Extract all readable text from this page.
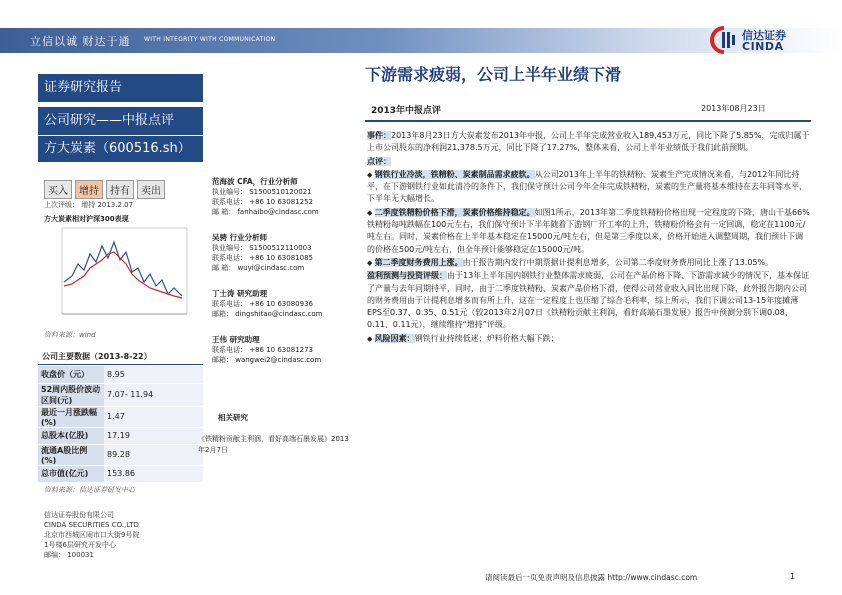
立信以诚 财达于通 WITH INTEGRITY WITH COMMUNICATION	信达证券
CINDA
证券研究报告
公司研究——中报点评
方大炭素（600516.sh）
买入	增持	持有	卖出
上次评级： 增持 2013.2.07
方大炭素相对沪深300表现
资料来源：wind
公司主要数据（2013-8-22）
收盘价（元）	8.95
52周内股价波动区间(元)	7.07- 11.94
最近一月涨跌幅(%)	1.47
总股本(亿股)	17.19
流通A股比例(%)	89.28
总市值(亿元)	153.86
资料来源：信达证券研发中心
信达证券股份有限公司
CINDA SECURITIES CO.,LTD
北京市西城区闹市口大街9号院
1号楼6层研究开发中心
邮编： 100031
范海波 CFA，行业分析师
执业编号： S1500510120021
联系电话： +86 10 63081252
邮 箱： fanhaibo@cindasc.com
吴骋 行业分析师
执业编号： S1500512110003
联系电话： +86 10 63081085
邮 箱： wuyi@cindasc.com
丁士涛 研究助理
联系电话： +86 10 63080936
邮箱： dingshitao@cindasc.com
王伟 研究助理
联系电话： +86 10 63081273
邮箱： wangwei2@cindasc.com
相关研究
《铁精粉贡献主利润，看好高端石墨发展》2013年2月7日
下游需求疲弱，公司上半年业绩下滑
2013年中报点评	2013年08月23日

事件：2013年8月23日方大炭素发布2013年中报，公司上半年完成营业收入189,453万元，同比下降了5.85%，完成归属于上市公司股东的净利润21,378.5万元，同比下降了17.27%，整体来看，公司上半年业绩低于我们此前预期。

点评：

◆ 钢铁行业冷淡，铁精粉、炭素制品需求疲软。从公司2013年上半年的铁精粉、炭素生产完成情况来看，与2012年同比持平，在下游钢铁行业如此清冷的条件下，我们保守预计公司今年全年完成铁精粉，炭素的生产量将基本维持在去年同等水平，下半年无大幅增长。

◆ 二季度铁精粉价格下滑，炭素价格维持稳定。如图1所示，2013年第二季度铁精粉价格出现一定程度的下降，唐山干基66%铁精粉每吨跌幅在100元左右，我们保守预计下半年随着下游钢厂开工率的上升，铁精粉价格会有一定回调，稳定在1100元/吨左右。同时，炭素价格在上半年基本稳定在15000元/吨左右，但是第三季度以来，价格开始进入调整周期，我们预计下调的价格在500元/吨左右，但全年预计能够稳定在15000元/吨。

◆ 第二季度财务费用上涨。由于报告期内发行中期票据计提利息增多，公司第二季度财务费用同比上涨了13.05%。

盈利预测与投资评级：由于13年上半年国内钢铁行业整体需求疲弱，公司在产品价格下降、下游需求减少的情况下，基本保证了产量与去年同期持平，同时，由于二季度铁精粉、炭素产品价格下滑，使得公司营业收入同比出现下降，此外报告期内公司的财务费用由于计提利息增多而有所上升，这在一定程度上也压缩了综合毛利率，综上所示，我们下调公司13-15年度摊薄EPS至0.37、0.35、0.51元（较2013年2月07日《铁精粉贡献主利润，看好高端石墨发展》报告中预测分别下调0.08、0.11、0.11元），继续维持“增持”评级。

◆ 风险因素：钢铁行业持续低迷；炉料价格大幅下跌；

请阅读最后一页免责声明及信息披露 http://www.cindasc.com	1
